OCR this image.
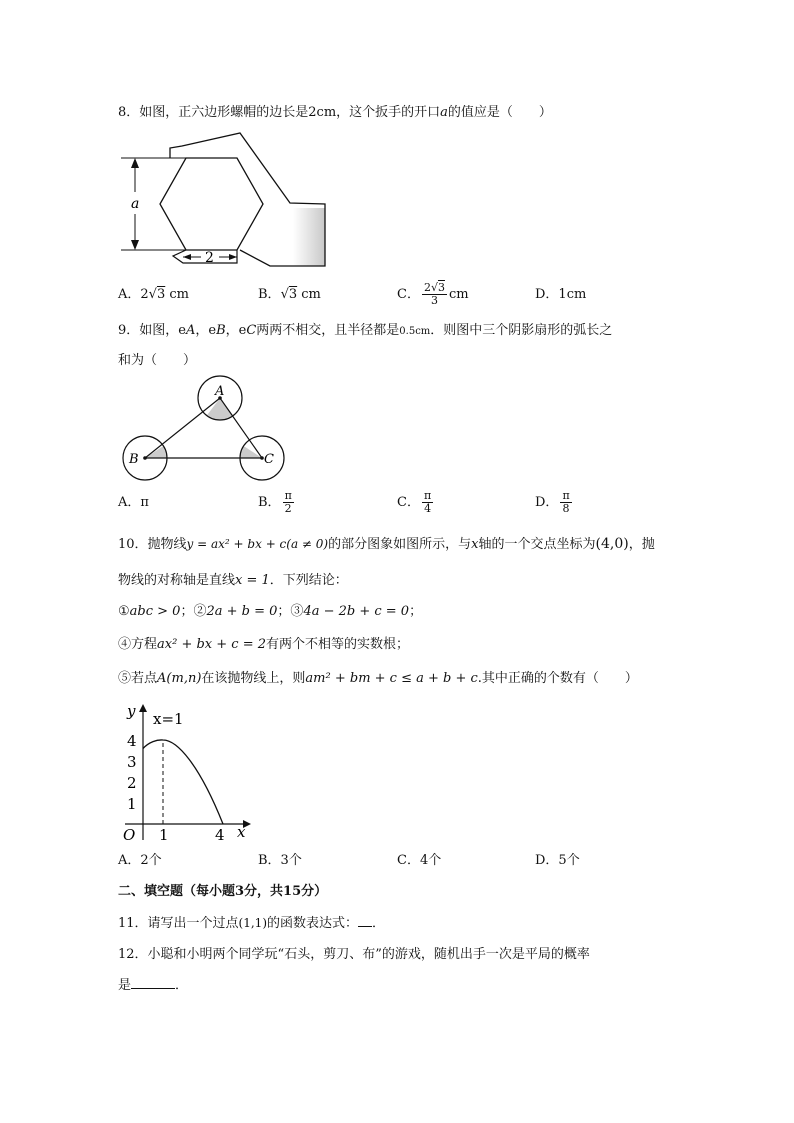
8．如图，正六边形螺帽的边长是2cm，这个扳手的开口a的值应是（　　）
a
2
A．2√3 cm	B．√3 cm	C． $\frac{2√3}{3}$ cm	D．1cm
9．如图，eA，eB，eC两两不相交，且半径都是0.5cm．则图中三个阴影扇形的弧长之
和为（　　）
A
B	C
A．π	B． $\frac{\pi}{2}$	C． $\frac{\pi}{4}$	D． $\frac{\pi}{8}$
10．抛物线y = ax² + bx + c(a ≠ 0)的部分图象如图所示，与x轴的一个交点坐标为(4,0)，抛
物线的对称轴是直线x = 1．下列结论：
①abc > 0；②2a + b = 0；③4a − 2b + c = 0；
④方程ax² + bx + c = 2有两个不相等的实数根；
⑤若点A(m,n)在该抛物线上，则am² + bm + c ≤ a + b + c.其中正确的个数有（　　）
y
x
O
x=1
4
3
2
1
1	4
A．2个	B．3个	C．4个	D．5个
二、填空题（每小题3分，共15分）
11．请写出一个过点(1,1)的函数表达式： ．
12．小聪和小明两个同学玩“石头，剪刀、布”的游戏，随机出手一次是平局的概率
是	．
